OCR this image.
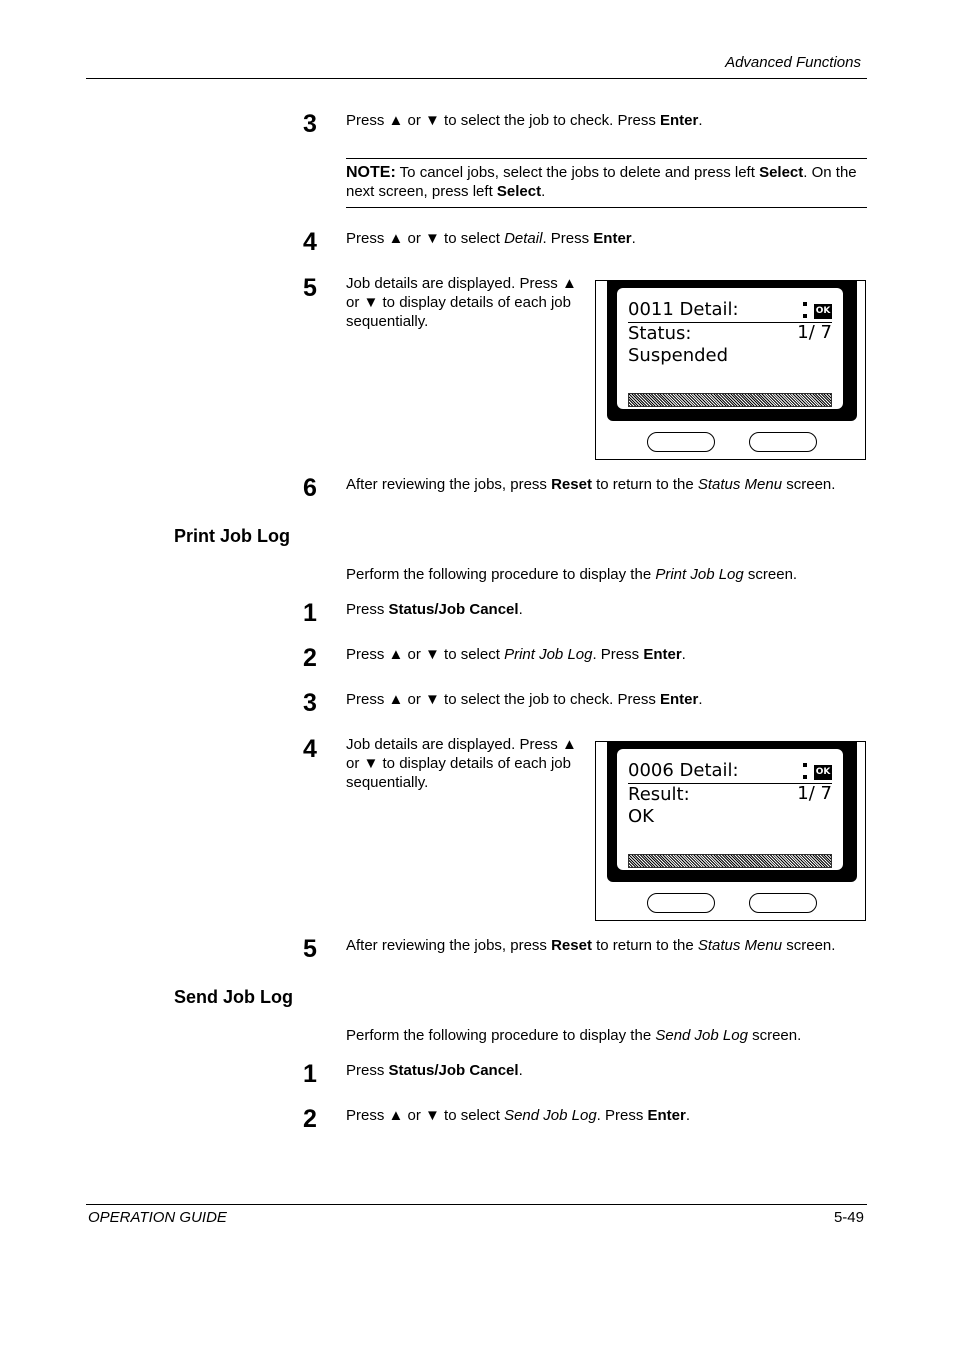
Advanced Functions
3 Press ▲ or ▼ to select the job to check. Press Enter.
NOTE: To cancel jobs, select the jobs to delete and press left Select. On the next screen, press left Select.
4 Press ▲ or ▼ to select Detail. Press Enter.
5 Job details are displayed. Press ▲ or ▼ to display details of each job sequentially.
0011 Detail:	OK
Status:	1/ 7
Suspended
6 After reviewing the jobs, press Reset to return to the Status Menu screen.
Print Job Log
Perform the following procedure to display the Print Job Log screen.
1 Press Status/Job Cancel.
2 Press ▲ or ▼ to select Print Job Log. Press Enter.
3 Press ▲ or ▼ to select the job to check. Press Enter.
4 Job details are displayed. Press ▲ or ▼ to display details of each job sequentially.
0006 Detail:	OK
Result:	1/ 7
OK
5 After reviewing the jobs, press Reset to return to the Status Menu screen.
Send Job Log
Perform the following procedure to display the Send Job Log screen.
1 Press Status/Job Cancel.
2 Press ▲ or ▼ to select Send Job Log. Press Enter.
OPERATION GUIDE	5-49
